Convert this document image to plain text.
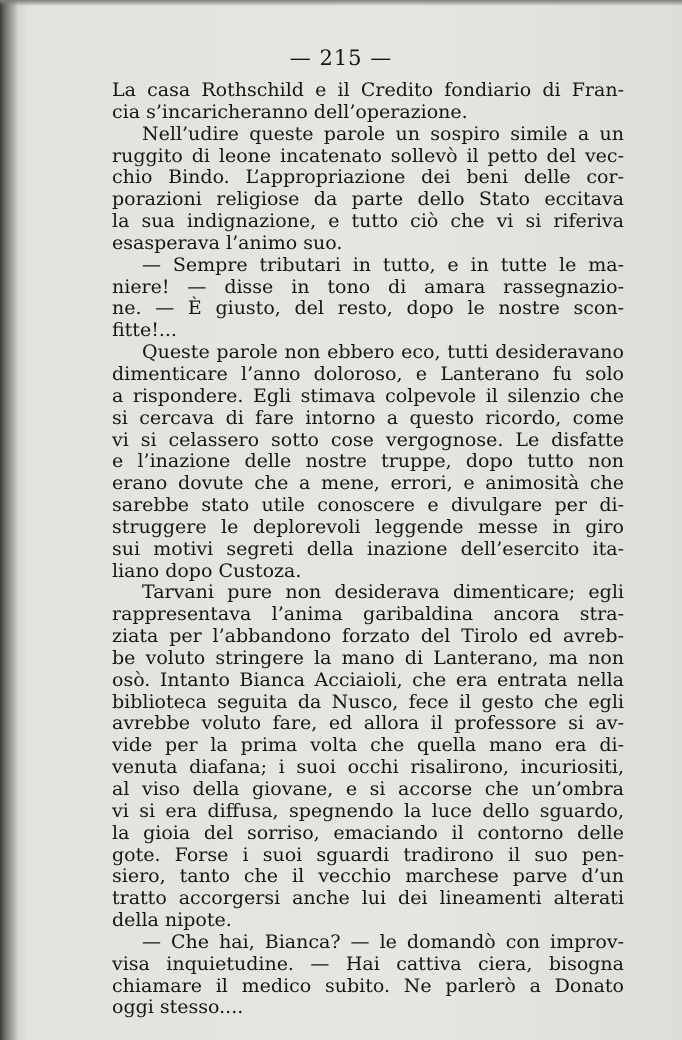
— 215 —
La casa Rothschild e il Credito fondiario di Fran-
cia s’incaricheranno dell’operazione.
Nell’udire queste parole un sospiro simile a un
ruggito di leone incatenato sollevò il petto del vec-
chio Bindo. L’appropriazione dei beni delle cor-
porazioni religiose da parte dello Stato eccitava
la sua indignazione, e tutto ciò che vi si riferiva
esasperava l’animo suo.
— Sempre tributari in tutto, e in tutte le ma-
niere! — disse in tono di amara rassegnazio-
ne. — È giusto, del resto, dopo le nostre scon-
fitte!...
Queste parole non ebbero eco, tutti desideravano
dimenticare l’anno doloroso, e Lanterano fu solo
a rispondere. Egli stimava colpevole il silenzio che
si cercava di fare intorno a questo ricordo, come
vi si celassero sotto cose vergognose. Le disfatte
e l’inazione delle nostre truppe, dopo tutto non
erano dovute che a mene, errori, e animosità che
sarebbe stato utile conoscere e divulgare per di-
struggere le deplorevoli leggende messe in giro
sui motivi segreti della inazione dell’esercito ita-
liano dopo Custoza.
Tarvani pure non desiderava dimenticare; egli
rappresentava l’anima garibaldina ancora stra-
ziata per l’abbandono forzato del Tirolo ed avreb-
be voluto stringere la mano di Lanterano, ma non
osò. Intanto Bianca Acciaioli, che era entrata nella
biblioteca seguita da Nusco, fece il gesto che egli
avrebbe voluto fare, ed allora il professore si av-
vide per la prima volta che quella mano era di-
venuta diafana; i suoi occhi risalirono, incuriositi,
al viso della giovane, e si accorse che un’ombra
vi si era diffusa, spegnendo la luce dello sguardo,
la gioia del sorriso, emaciando il contorno delle
gote. Forse i suoi sguardi tradirono il suo pen-
siero, tanto che il vecchio marchese parve d’un
tratto accorgersi anche lui dei lineamenti alterati
della nipote.
— Che hai, Bianca? — le domandò con improv-
visa inquietudine. — Hai cattiva ciera, bisogna
chiamare il medico subito. Ne parlerò a Donato
oggi stesso....
